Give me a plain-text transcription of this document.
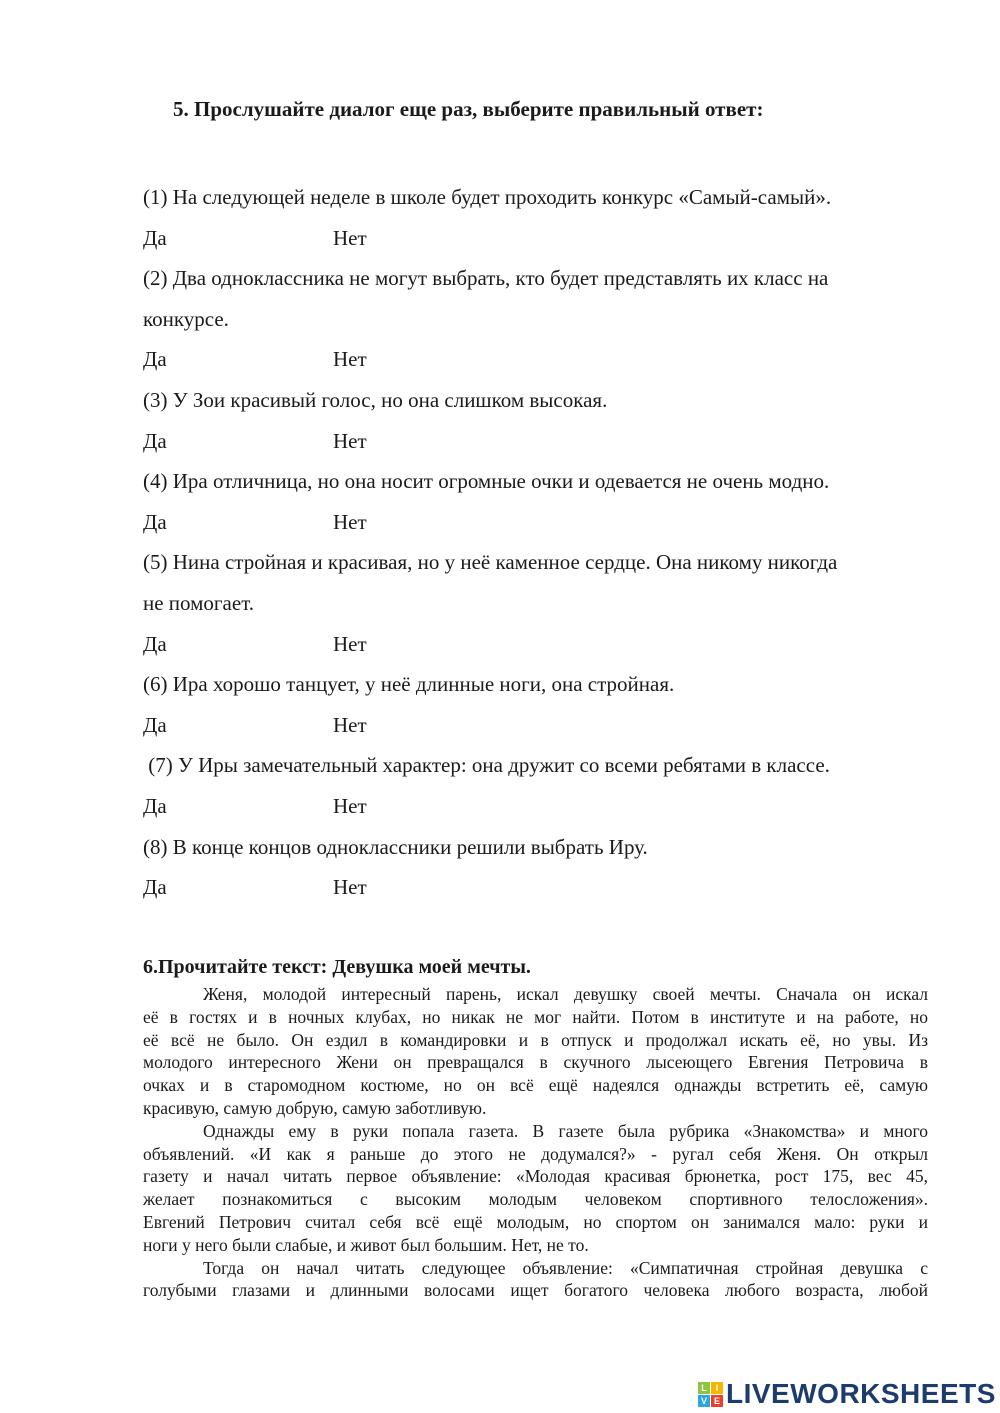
5. Прослушайте диалог еще раз, выберите правильный ответ:
(1) На следующей неделе в школе будет проходить конкурс «Самый-самый».
Да	Нет
(2) Два одноклассника не могут выбрать, кто будет представлять их класс на
конкурсе.
Да	Нет
(3) У Зои красивый голос, но она слишком высокая.
Да	Нет
(4) Ира отличница, но она носит огромные очки и одевается не очень модно.
Да	Нет
(5) Нина стройная и красивая, но у неё каменное сердце. Она никому никогда
не помогает.
Да	Нет
(6) Ира хорошо танцует, у неё длинные ноги, она стройная.
Да	Нет
(7) У Иры замечательный характер: она дружит со всеми ребятами в классе.
Да	Нет
(8) В конце концов одноклассники решили выбрать Иру.
Да	Нет
6.Прочитайте текст: Девушка моей мечты.
Женя, молодой интересный парень, искал девушку своей мечты. Сначала он искал
её в гостях и в ночных клубах, но никак не мог найти. Потом в институте и на работе, но
её всё не было. Он ездил в командировки и в отпуск и продолжал искать её, но увы. Из
молодого интересного Жени он превращался в скучного лысеющего Евгения Петровича в
очках и в старомодном костюме, но он всё ещё надеялся однажды встретить её, самую
красивую, самую добрую, самую заботливую.
Однажды ему в руки попала газета. В газете была рубрика «Знакомства» и много
объявлений. «И как я раньше до этого не додумался?» - ругал себя Женя. Он открыл
газету и начал читать первое объявление: «Молодая красивая брюнетка, рост 175, вес 45,
желает познакомиться с высоким молодым человеком спортивного телосложения».
Евгений Петрович считал себя всё ещё молодым, но спортом он занимался мало: руки и
ноги у него были слабые, и живот был большим. Нет, не то.
Тогда он начал читать следующее объявление: «Симпатичная стройная девушка с
голубыми глазами и длинными волосами ищет богатого человека любого возраста, любой
L I
V E LIVEWORKSHEETS
